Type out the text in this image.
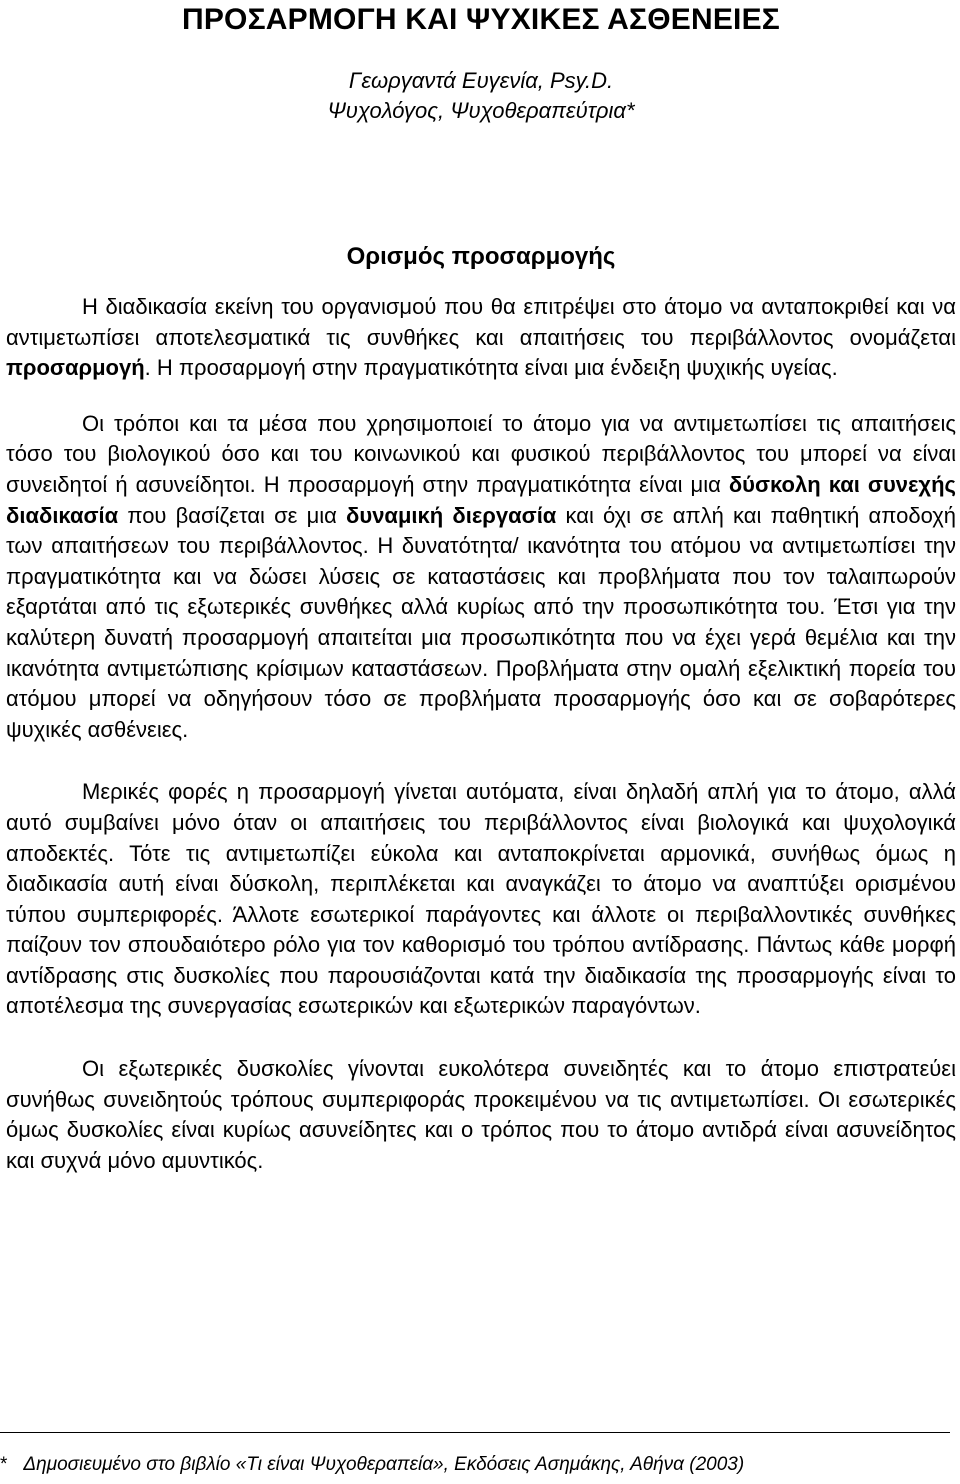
ΠΡΟΣΑΡΜΟΓΗ ΚΑΙ ΨΥΧΙΚΕΣ ΑΣΘΕΝΕΙΕΣ
Γεωργαντά Ευγενία, Psy.D.
Ψυχολόγος, Ψυχοθεραπεύτρια*
Ορισμός προσαρμογής

Η διαδικασία εκείνη του οργανισμού που θα επιτρέψει στο άτομο να ανταποκριθεί και να αντιμετωπίσει αποτελεσματικά τις συνθήκες και απαιτήσεις του περιβάλλοντος ονομάζεται προσαρμογή. Η προσαρμογή στην πραγματικότητα είναι μια ένδειξη ψυχικής υγείας.

Οι τρόποι και τα μέσα που χρησιμοποιεί το άτομο για να αντιμετωπίσει τις απαιτήσεις τόσο του βιολογικού όσο και του κοινωνικού και φυσικού περιβάλλοντος του μπορεί να είναι συνειδητοί ή ασυνείδητοι. Η προσαρμογή στην πραγματικότητα είναι μια δύσκολη και συνεχής διαδικασία που βασίζεται σε μια δυναμική διεργασία και όχι σε απλή και παθητική αποδοχή των απαιτήσεων του περιβάλλοντος. Η δυνατότητα/ ικανότητα του ατόμου να αντιμετωπίσει την πραγματικότητα και να δώσει λύσεις σε καταστάσεις και προβλήματα που τον ταλαιπωρούν εξαρτάται από τις εξωτερικές συνθήκες αλλά κυρίως από την προσωπικότητα του. Έτσι για την καλύτερη δυνατή προσαρμογή απαιτείται μια προσωπικότητα που να έχει γερά θεμέλια και την ικανότητα αντιμετώπισης κρίσιμων καταστάσεων. Προβλήματα στην ομαλή εξελικτική πορεία του ατόμου μπορεί να οδηγήσουν τόσο σε προβλήματα προσαρμογής όσο και σε σοβαρότερες ψυχικές ασθένειες.

Μερικές φορές η προσαρμογή γίνεται αυτόματα, είναι δηλαδή απλή για το άτομο, αλλά αυτό συμβαίνει μόνο όταν οι απαιτήσεις του περιβάλλοντος είναι βιολογικά και ψυχολογικά αποδεκτές. Τότε τις αντιμετωπίζει εύκολα και ανταποκρίνεται αρμονικά, συνήθως όμως η διαδικασία αυτή είναι δύσκολη, περιπλέκεται και αναγκάζει το άτομο να αναπτύξει ορισμένου τύπου συμπεριφορές. Άλλοτε εσωτερικοί παράγοντες και άλλοτε οι περιβαλλοντικές συνθήκες παίζουν τον σπουδαιότερο ρόλο για τον καθορισμό του τρόπου αντίδρασης. Πάντως κάθε μορφή αντίδρασης στις δυσκολίες που παρουσιάζονται κατά την διαδικασία της προσαρμογής είναι το αποτέλεσμα της συνεργασίας εσωτερικών και εξωτερικών παραγόντων.

Οι εξωτερικές δυσκολίες γίνονται ευκολότερα συνειδητές και το άτομο επιστρατεύει συνήθως συνειδητούς τρόπους συμπεριφοράς προκειμένου να τις αντιμετωπίσει. Οι εσωτερικές όμως δυσκολίες είναι κυρίως ασυνείδητες και ο τρόπος που το άτομο αντιδρά είναι ασυνείδητος και συχνά μόνο αμυντικός.

* Δημοσιευμένο στο βιβλίο «Τι είναι Ψυχοθεραπεία», Εκδόσεις Ασημάκης, Αθήνα (2003)
